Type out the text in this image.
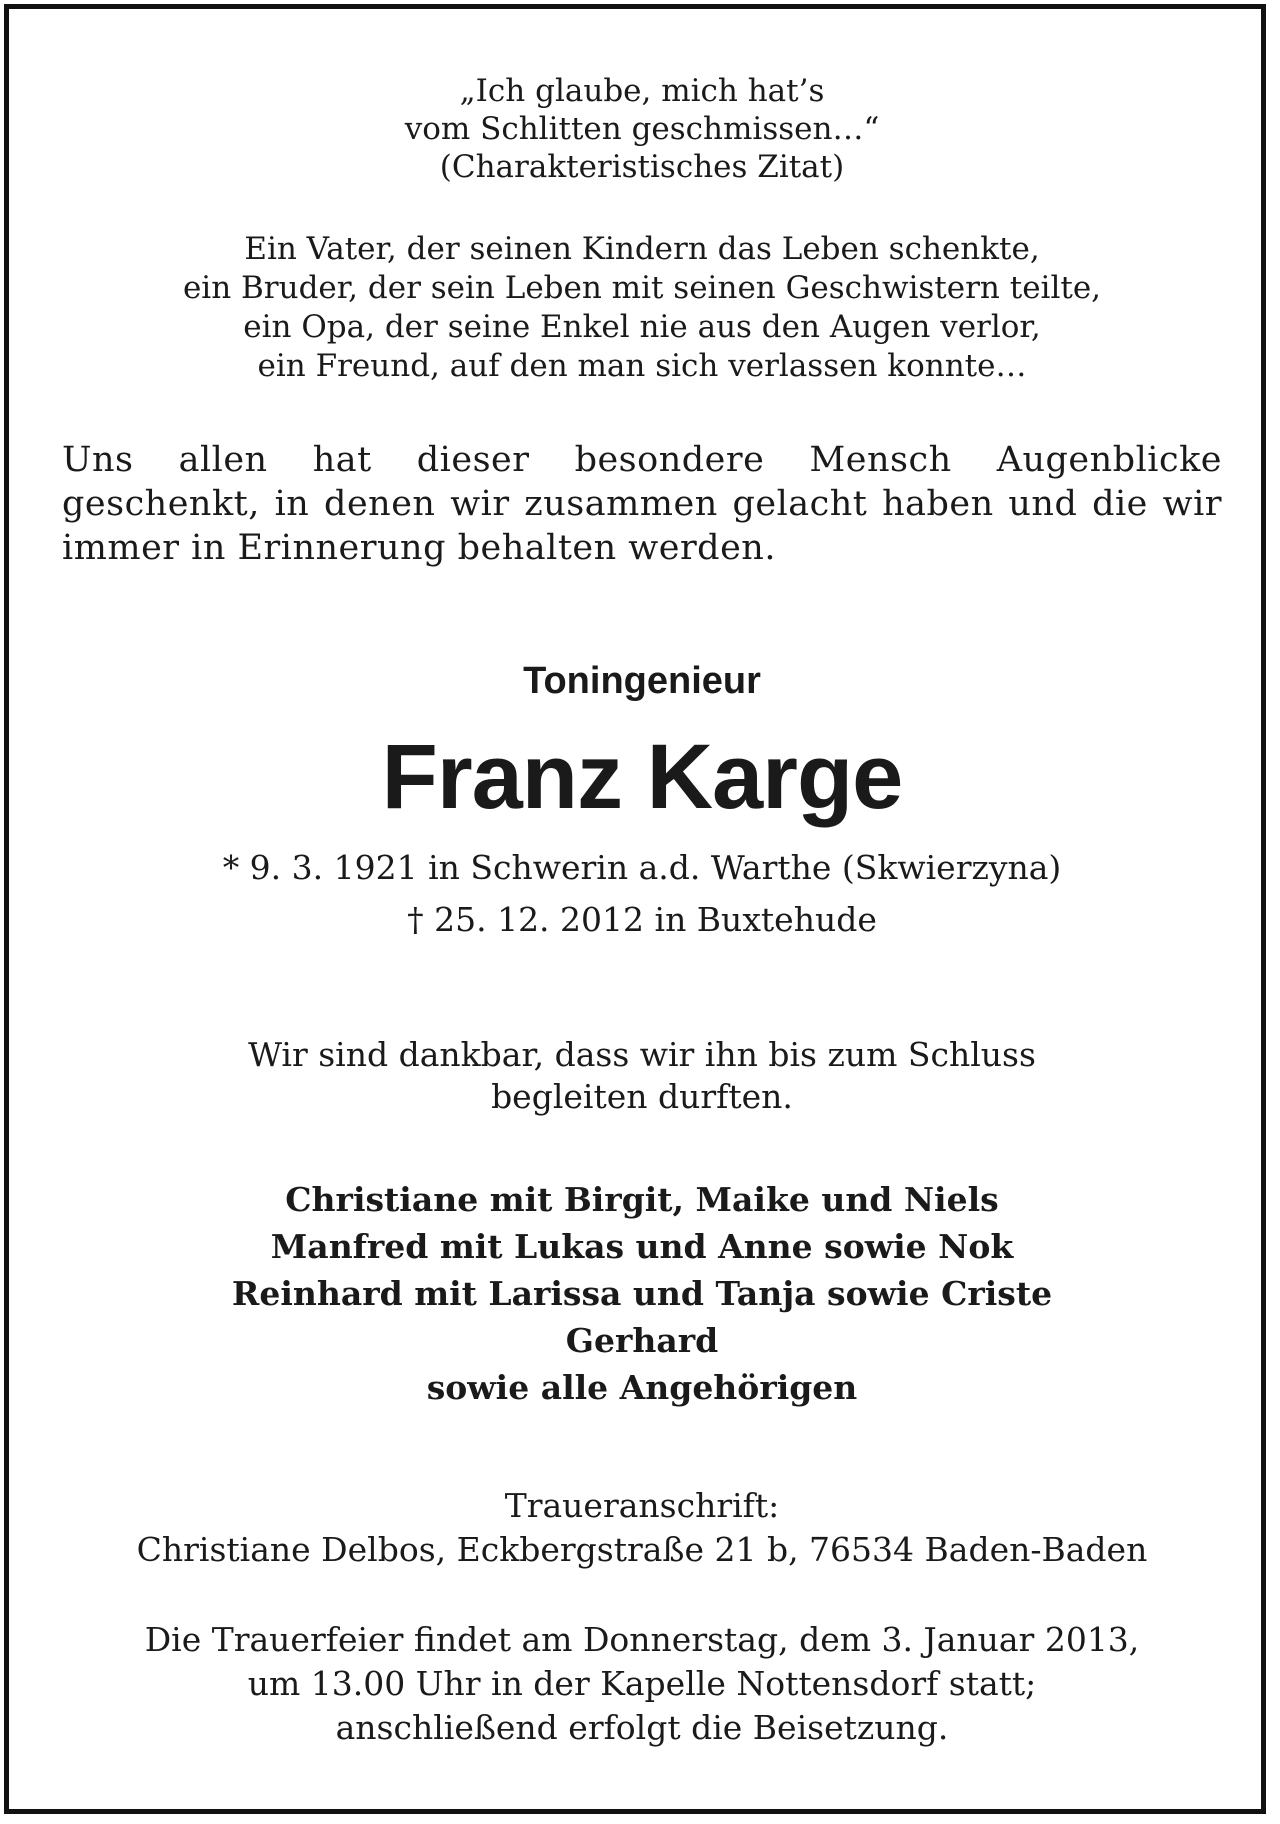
„Ich glaube, mich hat’s
vom Schlitten geschmissen…“
(Charakteristisches Zitat)
Ein Vater, der seinen Kindern das Leben schenkte,
ein Bruder, der sein Leben mit seinen Geschwistern teilte,
ein Opa, der seine Enkel nie aus den Augen verlor,
ein Freund, auf den man sich verlassen konnte…
Uns allen hat dieser besondere Mensch Augenblicke geschenkt, in denen wir zusammen gelacht haben und die wir immer in Erinnerung behalten werden.
Toningenieur
Franz Karge
* 9. 3. 1921 in Schwerin a.d. Warthe (Skwierzyna)
† 25. 12. 2012 in Buxtehude
Wir sind dankbar, dass wir ihn bis zum Schluss
begleiten durften.
Christiane mit Birgit, Maike und Niels
Manfred mit Lukas und Anne sowie Nok
Reinhard mit Larissa und Tanja sowie Criste
Gerhard
sowie alle Angehörigen
Traueranschrift:
Christiane Delbos, Eckbergstraße 21 b, 76534 Baden-Baden
Die Trauerfeier findet am Donnerstag, dem 3. Januar 2013,
um 13.00 Uhr in der Kapelle Nottensdorf statt;
anschließend erfolgt die Beisetzung.
